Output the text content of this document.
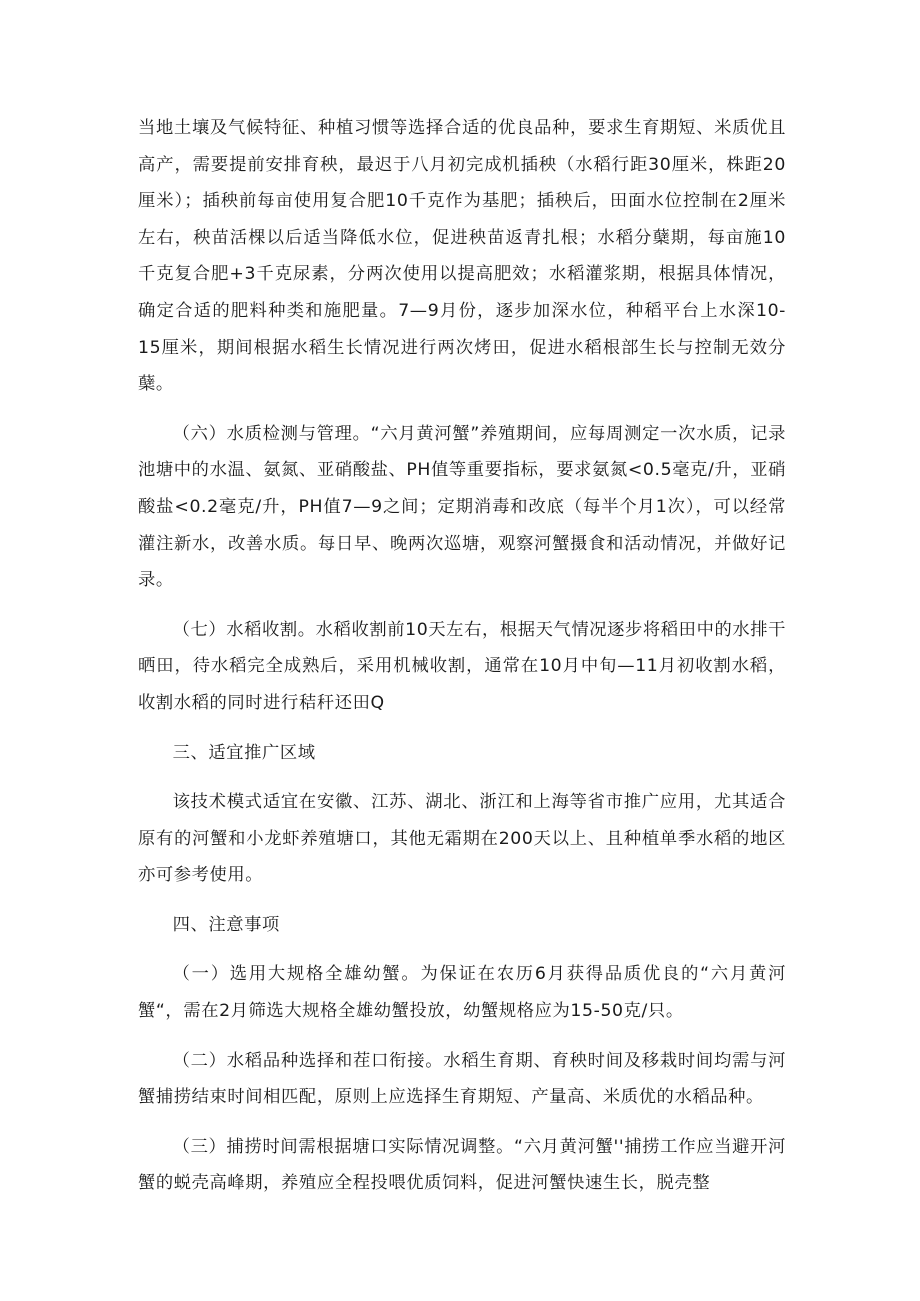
当地土壤及气候特征、种植习惯等选择合适的优良品种，要求生育期短、米质优且高产，需要提前安排育秧，最迟于八月初完成机插秧（水稻行距30厘米，株距20厘米）；插秧前每亩使用复合肥10千克作为基肥；插秧后，田面水位控制在2厘米左右，秧苗活棵以后适当降低水位，促进秧苗返青扎根；水稻分蘖期，每亩施10千克复合肥+3千克尿素，分两次使用以提高肥效；水稻灌浆期，根据具体情况，确定合适的肥料种类和施肥量。7—9月份，逐步加深水位，种稻平台上水深10-15厘米，期间根据水稻生长情况进行两次烤田，促进水稻根部生长与控制无效分蘖。

（六）水质检测与管理。“六月黄河蟹”养殖期间，应每周测定一次水质，记录池塘中的水温、氨氮、亚硝酸盐、PH值等重要指标，要求氨氮<0.5毫克/升，亚硝酸盐<0.2毫克/升，PH值7—9之间；定期消毒和改底（每半个月1次），可以经常灌注新水，改善水质。每日早、晚两次巡塘，观察河蟹摄食和活动情况，并做好记录。

（七）水稻收割。水稻收割前10天左右，根据天气情况逐步将稻田中的水排干晒田，待水稻完全成熟后，采用机械收割，通常在10月中旬—11月初收割水稻，收割水稻的同时进行秸秆还田Q

三、适宜推广区域

该技术模式适宜在安徽、江苏、湖北、浙江和上海等省市推广应用，尤其适合原有的河蟹和小龙虾养殖塘口，其他无霜期在200天以上、且种植单季水稻的地区亦可参考使用。

四、注意事项

（一）选用大规格全雄幼蟹。为保证在农历6月获得品质优良的“六月黄河蟹“，需在2月筛选大规格全雄幼蟹投放，幼蟹规格应为15-50克/只。

（二）水稻品种选择和茬口衔接。水稻生育期、育秧时间及移栽时间均需与河蟹捕捞结束时间相匹配，原则上应选择生育期短、产量高、米质优的水稻品种。

（三）捕捞时间需根据塘口实际情况调整。“六月黄河蟹''捕捞工作应当避开河蟹的蜕壳高峰期，养殖应全程投喂优质饲料，促进河蟹快速生长，脱壳整
